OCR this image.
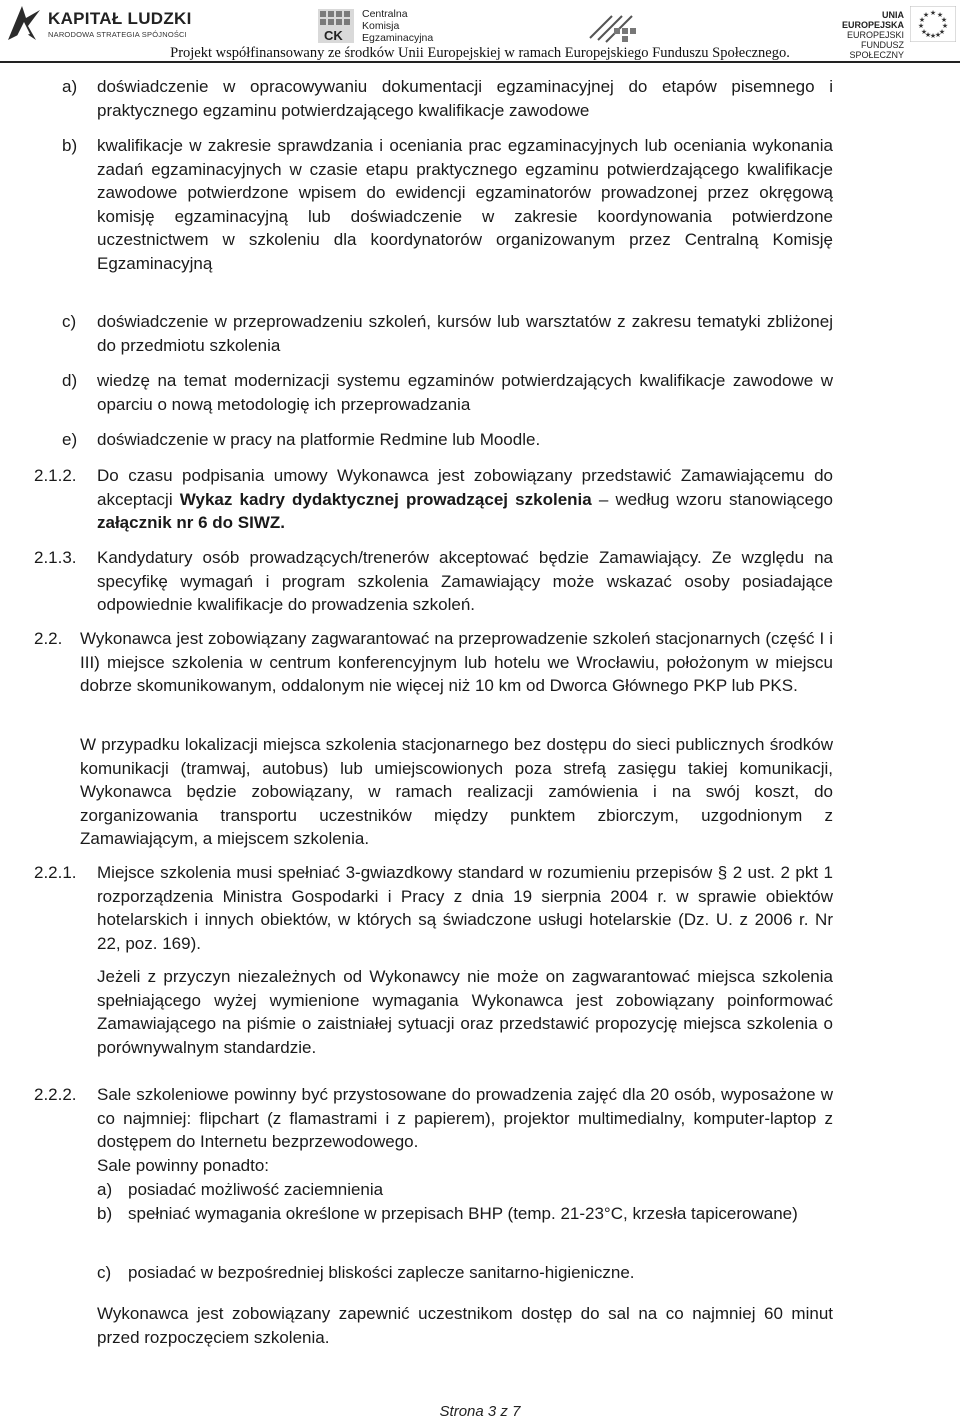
KAPITAŁ LUDZKI
NARODOWA STRATEGIA SPÓJNOŚCI	CK
Centralna
Komisja
Egzaminacyjna
UNIA EUROPEJSKA
EUROPEJSKI
FUNDUSZ SPOŁECZNY
★ ★
★
★
★
★
★
★
★
★
★
★
Projekt współfinansowany ze środków Unii Europejskiej w ramach Europejskiego Funduszu Społecznego.
a) doświadczenie w opracowywaniu dokumentacji egzaminacyjnej do etapów pisemnego i praktycznego egzaminu potwierdzającego kwalifikacje zawodowe

b) kwalifikacje w zakresie sprawdzania i oceniania prac egzaminacyjnych lub oceniania wykonania zadań egzaminacyjnych w czasie etapu praktycznego egzaminu potwierdzającego kwalifikacje zawodowe potwierdzone wpisem do ewidencji egzaminatorów prowadzonej przez okręgową komisję egzaminacyjną lub doświadczenie w zakresie koordynowania potwierdzone uczestnictwem w szkoleniu dla koordynatorów organizowanym przez Centralną Komisję Egzaminacyjną

c) doświadczenie w przeprowadzeniu szkoleń, kursów lub warsztatów z zakresu tematyki zbliżonej do przedmiotu szkolenia

d) wiedzę na temat modernizacji systemu egzaminów potwierdzających kwalifikacje zawodowe w oparciu o nową metodologię ich przeprowadzania

e) doświadczenie w pracy na platformie Redmine lub Moodle.

2.1.2. Do czasu podpisania umowy Wykonawca jest zobowiązany przedstawić Zamawiającemu do akceptacji Wykaz kadry dydaktycznej prowadzącej szkolenia – według wzoru stanowiącego załącznik nr 6 do SIWZ.

2.1.3. Kandydatury osób prowadzących/trenerów akceptować będzie Zamawiający. Ze względu na specyfikę wymagań i program szkolenia Zamawiający może wskazać osoby posiadające odpowiednie kwalifikacje do prowadzenia szkoleń.

2.2. Wykonawca jest zobowiązany zagwarantować na przeprowadzenie szkoleń stacjonarnych (część I i III) miejsce szkolenia w centrum konferencyjnym lub hotelu we Wrocławiu, położonym w miejscu dobrze skomunikowanym, oddalonym nie więcej niż 10 km od Dworca Głównego PKP lub PKS.

W przypadku lokalizacji miejsca szkolenia stacjonarnego bez dostępu do sieci publicznych środków komunikacji (tramwaj, autobus) lub umiejscowionych poza strefą zasięgu takiej komunikacji, Wykonawca będzie zobowiązany, w ramach realizacji zamówienia i na swój koszt, do zorganizowania transportu uczestników między punktem zbiorczym, uzgodnionym z Zamawiającym, a miejscem szkolenia.

2.2.1. Miejsce szkolenia musi spełniać 3-gwiazdkowy standard w rozumieniu przepisów § 2 ust. 2 pkt 1 rozporządzenia Ministra Gospodarki i Pracy z dnia 19 sierpnia 2004 r. w sprawie obiektów hotelarskich i innych obiektów, w których są świadczone usługi hotelarskie (Dz. U. z 2006 r. Nr 22, poz. 169).

Jeżeli z przyczyn niezależnych od Wykonawcy nie może on zagwarantować miejsca szkolenia spełniającego wyżej wymienione wymagania Wykonawca jest zobowiązany poinformować Zamawiającego na piśmie o zaistniałej sytuacji oraz przedstawić propozycję miejsca szkolenia o porównywalnym standardzie.

2.2.2. Sale szkoleniowe powinny być przystosowane do prowadzenia zajęć dla 20 osób, wyposażone w co najmniej: flipchart (z flamastrami i z papierem), projektor multimedialny, komputer-laptop z dostępem do Internetu bezprzewodowego.

Sale powinny ponadto:
a) posiadać możliwość zaciemnienia
b) spełniać wymagania określone w przepisach BHP (temp. 21-23°C, krzesła tapicerowane)

c) posiadać w bezpośredniej bliskości zaplecze sanitarno-higieniczne.

Wykonawca jest zobowiązany zapewnić uczestnikom dostęp do sal na co najmniej 60 minut przed rozpoczęciem szkolenia.

Strona 3 z 7
